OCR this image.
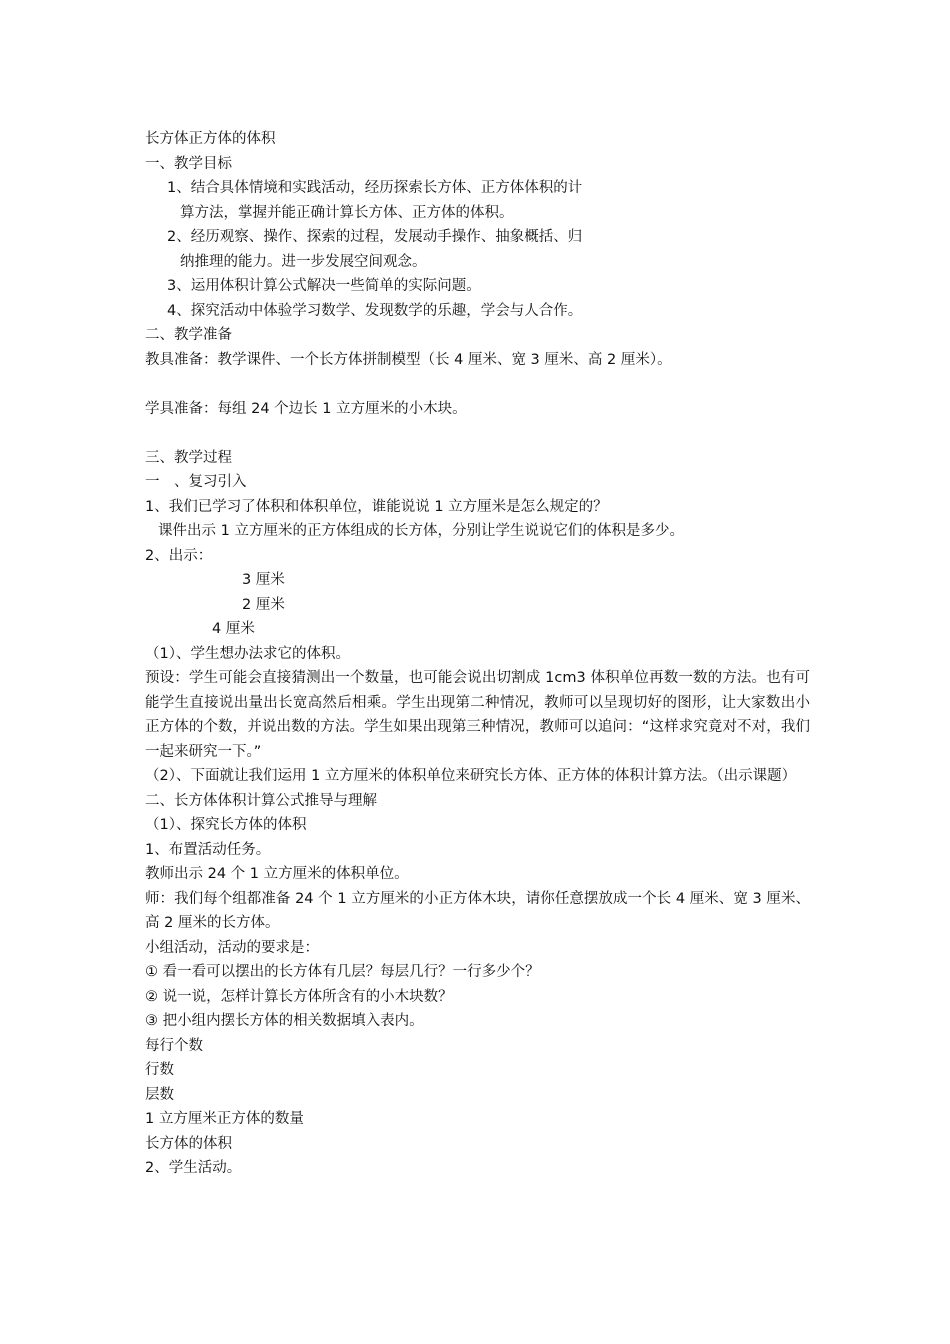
长方体正方体的体积

一、教学目标

1、结合具体情境和实践活动，经历探索长方体、正方体体积的计

算方法，掌握并能正确计算长方体、正方体的体积。

2、经历观察、操作、探索的过程，发展动手操作、抽象概括、归

纳推理的能力。进一步发展空间观念。

3、运用体积计算公式解决一些简单的实际问题。

4、探究活动中体验学习数学、发现数学的乐趣，学会与人合作。

二、教学准备

教具准备：教学课件、一个长方体拼制模型（长 4 厘米、宽 3 厘米、高 2 厘米）。

学具准备：每组 24 个边长 1 立方厘米的小木块。

三、教学过程

一　、复习引入

1、我们已学习了体积和体积单位，谁能说说 1 立方厘米是怎么规定的？

课件出示 1 立方厘米的正方体组成的长方体，分别让学生说说它们的体积是多少。

2、出示：

3 厘米

2 厘米

4 厘米

（1）、学生想办法求它的体积。

预设：学生可能会直接猜测出一个数量，也可能会说出切割成 1cm3 体积单位再数一数的方法。也有可能学生直接说出量出长宽高然后相乘。学生出现第二种情况，教师可以呈现切好的图形，让大家数出小正方体的个数，并说出数的方法。学生如果出现第三种情况，教师可以追问：“这样求究竟对不对，我们一起来研究一下。”

（2）、下面就让我们运用 1 立方厘米的体积单位来研究长方体、正方体的体积计算方法。（出示课题）

二、长方体体积计算公式推导与理解

（1）、探究长方体的体积

1、布置活动任务。

教师出示 24 个 1 立方厘米的体积单位。

师：我们每个组都准备 24 个 1 立方厘米的小正方体木块，请你任意摆放成一个长 4 厘米、宽 3 厘米、高 2 厘米的长方体。

小组活动，活动的要求是：

① 看一看可以摆出的长方体有几层？每层几行？一行多少个？

② 说一说，怎样计算长方体所含有的小木块数？

③ 把小组内摆长方体的相关数据填入表内。

每行个数

行数

层数

1 立方厘米正方体的数量

长方体的体积

2、学生活动。
